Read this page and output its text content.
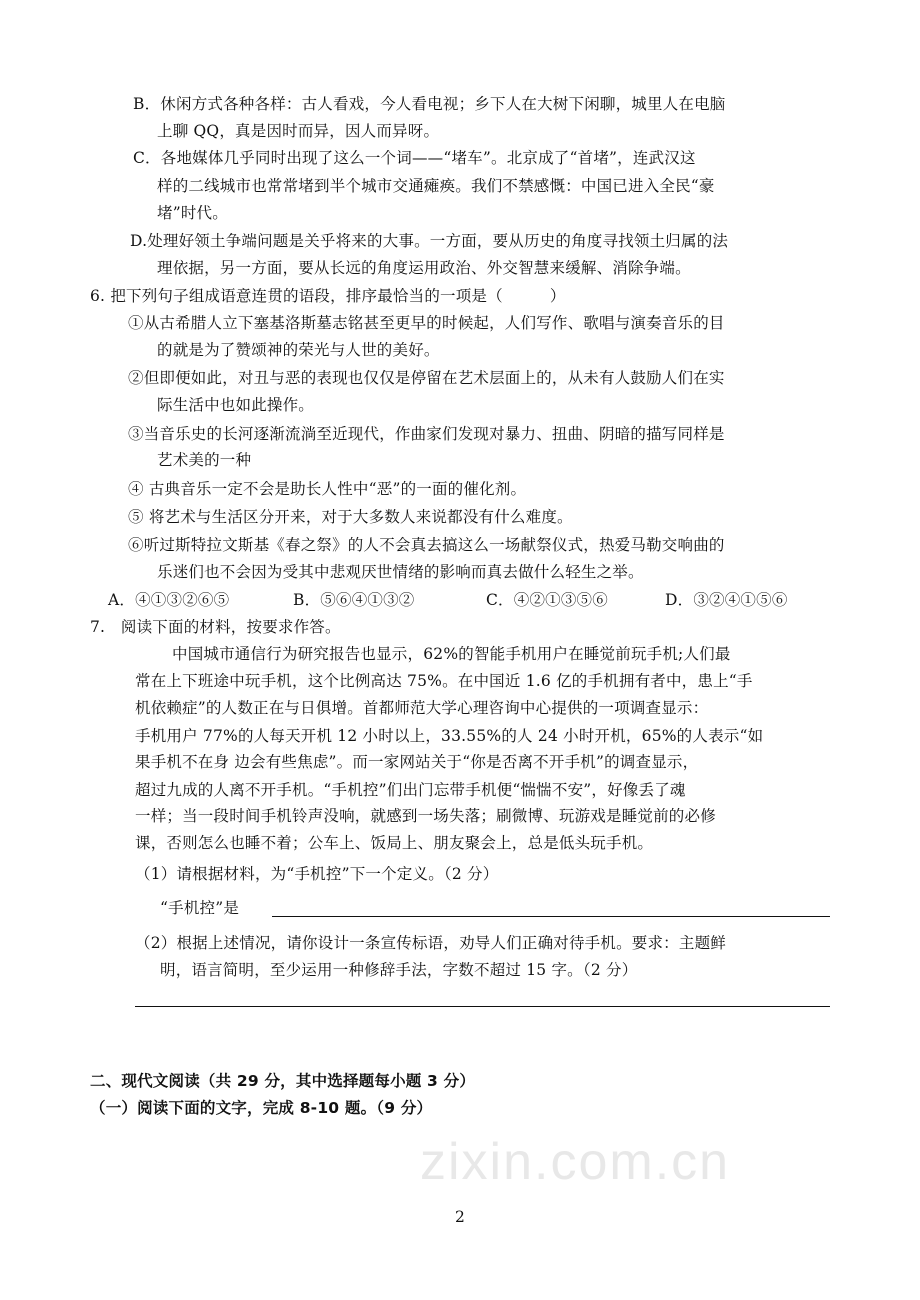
zixin.com.cn
B．休闲方式各种各样：古人看戏，今人看电视；乡下人在大树下闲聊，城里人在电脑
上聊 QQ，真是因时而异，因人而异呀。
C．各地媒体几乎同时出现了这么一个词——“堵车”。北京成了“首堵”，连武汉这
样的二线城市也常常堵到半个城市交通瘫痪。我们不禁感慨：中国已进入全民“豪
堵”时代。
D.处理好领土争端问题是关乎将来的大事。一方面，要从历史的角度寻找领土归属的法
理依据，另一方面，要从长远的角度运用政治、外交智慧来缓解、消除争端。
6. 把下列句子组成语意连贯的语段，排序最恰当的一项是（　　　）
①从古希腊人立下塞基洛斯墓志铭甚至更早的时候起，人们写作、歌唱与演奏音乐的目
的就是为了赞颂神的荣光与人世的美好。
②但即便如此，对丑与恶的表现也仅仅是停留在艺术层面上的，从未有人鼓励人们在实
际生活中也如此操作。
③当音乐史的长河逐渐流淌至近现代，作曲家们发现对暴力、扭曲、阴暗的描写同样是
艺术美的一种
④ 古典音乐一定不会是助长人性中“恶”的一面的催化剂。
⑤ 将艺术与生活区分开来，对于大多数人来说都没有什么难度。
⑥听过斯特拉文斯基《春之祭》的人不会真去搞这么一场献祭仪式，热爱马勒交响曲的
乐迷们也不会因为受其中悲观厌世情绪的影响而真去做什么轻生之举。
A．④①③②⑥⑤	B．⑤⑥④①③②	C．④②①③⑤⑥	D．③②④①⑤⑥
7.　阅读下面的材料，按要求作答。
中国城市通信行为研究报告也显示，62%的智能手机用户在睡觉前玩手机;人们最
常在上下班途中玩手机，这个比例高达 75%。在中国近 1.6 亿的手机拥有者中，患上“手
机依赖症”的人数正在与日俱增。首都师范大学心理咨询中心提供的一项调查显示：
手机用户 77%的人每天开机 12 小时以上，33.55%的人 24 小时开机，65%的人表示“如
果手机不在身 边会有些焦虑”。而一家网站关于“你是否离不开手机”的调查显示，
超过九成的人离不开手机。“手机控”们出门忘带手机便“惴惴不安”，好像丢了魂
一样；当一段时间手机铃声没响，就感到一场失落；刷微博、玩游戏是睡觉前的必修
课，否则怎么也睡不着；公车上、饭局上、朋友聚会上，总是低头玩手机。
（1）请根据材料，为“手机控”下一个定义。（2 分）
“手机控”是
（2）根据上述情况，请你设计一条宣传标语，劝导人们正确对待手机。要求：主题鲜
明，语言简明，至少运用一种修辞手法，字数不超过 15 字。（2 分）
二、现代文阅读（共 29 分，其中选择题每小题 3 分）
（一）阅读下面的文字，完成 8-10 题。（9 分）
2
